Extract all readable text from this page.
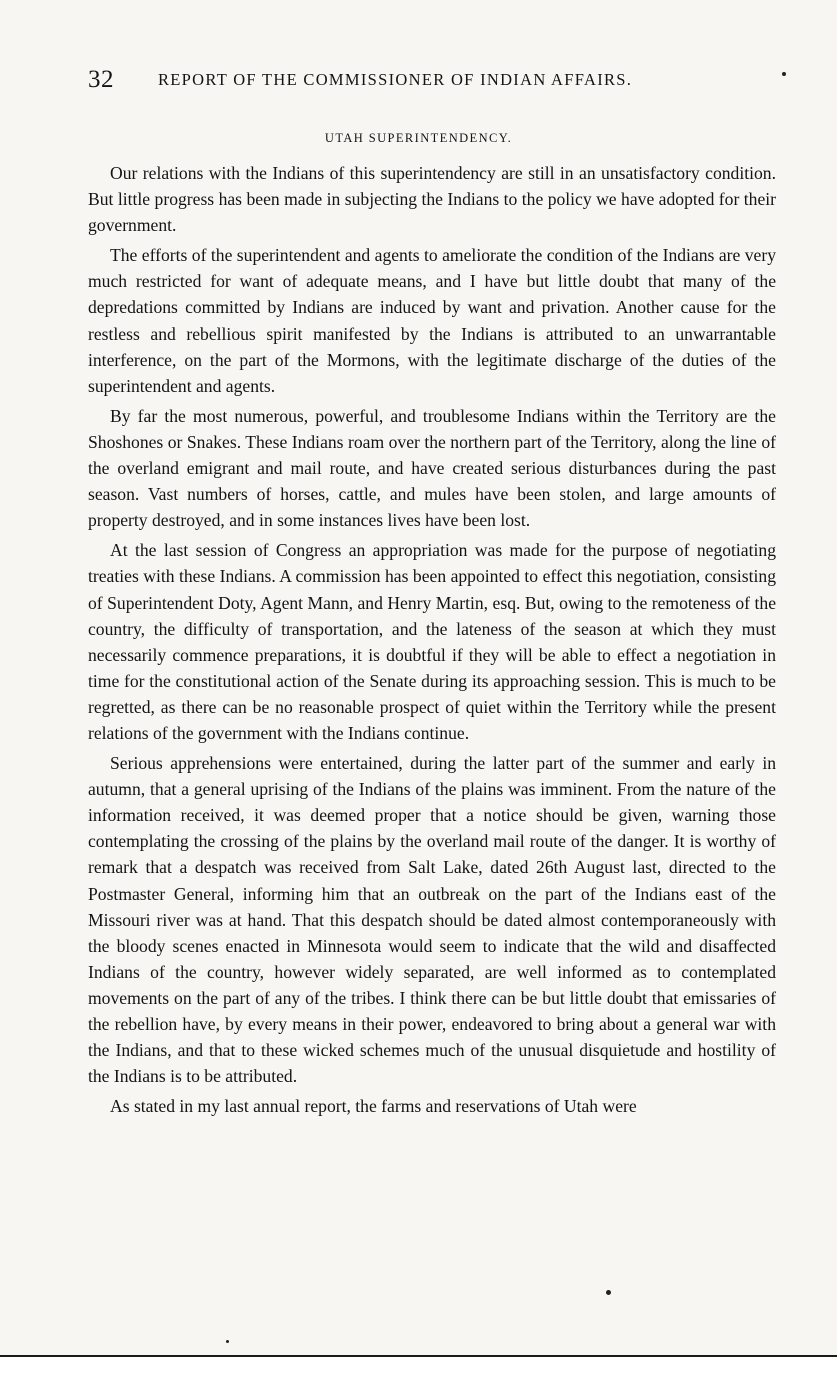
32	REPORT OF THE COMMISSIONER OF INDIAN AFFAIRS.
UTAH SUPERINTENDENCY.

Our relations with the Indians of this superintendency are still in an unsatisfactory condition. But little progress has been made in subjecting the Indians to the policy we have adopted for their government.

The efforts of the superintendent and agents to ameliorate the condition of the Indians are very much restricted for want of adequate means, and I have but little doubt that many of the depredations committed by Indians are induced by want and privation. Another cause for the restless and rebellious spirit manifested by the Indians is attributed to an unwarrantable interference, on the part of the Mormons, with the legitimate discharge of the duties of the superintendent and agents.

By far the most numerous, powerful, and troublesome Indians within the Territory are the Shoshones or Snakes. These Indians roam over the northern part of the Territory, along the line of the overland emigrant and mail route, and have created serious disturbances during the past season. Vast numbers of horses, cattle, and mules have been stolen, and large amounts of property destroyed, and in some instances lives have been lost.

At the last session of Congress an appropriation was made for the purpose of negotiating treaties with these Indians. A commission has been appointed to effect this negotiation, consisting of Superintendent Doty, Agent Mann, and Henry Martin, esq. But, owing to the remoteness of the country, the difficulty of transportation, and the lateness of the season at which they must necessarily commence preparations, it is doubtful if they will be able to effect a negotiation in time for the constitutional action of the Senate during its approaching session. This is much to be regretted, as there can be no reasonable prospect of quiet within the Territory while the present relations of the government with the Indians continue.

Serious apprehensions were entertained, during the latter part of the summer and early in autumn, that a general uprising of the Indians of the plains was imminent. From the nature of the information received, it was deemed proper that a notice should be given, warning those contemplating the crossing of the plains by the overland mail route of the danger. It is worthy of remark that a despatch was received from Salt Lake, dated 26th August last, directed to the Postmaster General, informing him that an outbreak on the part of the Indians east of the Missouri river was at hand. That this despatch should be dated almost contemporaneously with the bloody scenes enacted in Minnesota would seem to indicate that the wild and disaffected Indians of the country, however widely separated, are well informed as to contemplated movements on the part of any of the tribes. I think there can be but little doubt that emissaries of the rebellion have, by every means in their power, endeavored to bring about a general war with the Indians, and that to these wicked schemes much of the unusual disquietude and hostility of the Indians is to be attributed.

As stated in my last annual report, the farms and reservations of Utah were
